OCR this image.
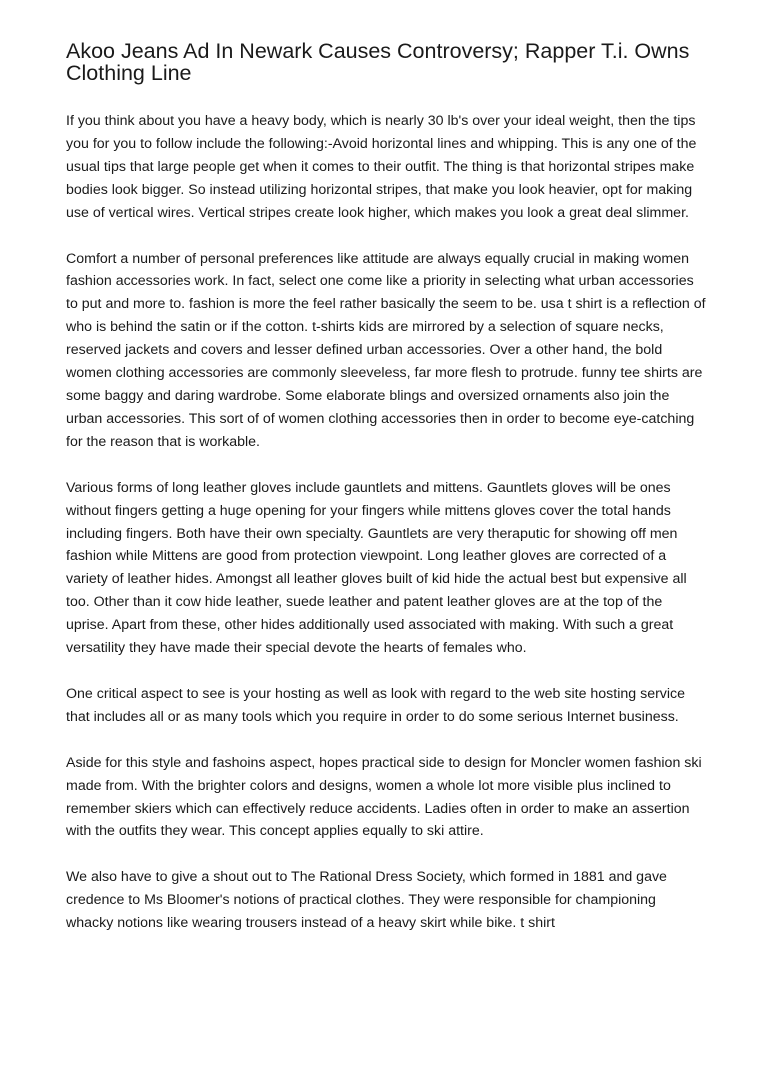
Akoo Jeans Ad In Newark Causes Controversy; Rapper T.i. Owns Clothing Line

If you think about you have a heavy body, which is nearly 30 lb's over your ideal weight, then the tips you for you to follow include the following:-Avoid horizontal lines and whipping. This is any one of the usual tips that large people get when it comes to their outfit. The thing is that horizontal stripes make bodies look bigger. So instead utilizing horizontal stripes, that make you look heavier, opt for making use of vertical wires. Vertical stripes create look higher, which makes you look a great deal slimmer.

Comfort a number of personal preferences like attitude are always equally crucial in making women fashion accessories work. In fact, select one come like a priority in selecting what urban accessories to put and more to. fashion is more the feel rather basically the seem to be. usa t shirt is a reflection of who is behind the satin or if the cotton. t-shirts kids are mirrored by a selection of square necks, reserved jackets and covers and lesser defined urban accessories. Over a other hand, the bold women clothing accessories are commonly sleeveless, far more flesh to protrude. funny tee shirts are some baggy and daring wardrobe. Some elaborate blings and oversized ornaments also join the urban accessories. This sort of of women clothing accessories then in order to become eye-catching for the reason that is workable.

Various forms of long leather gloves include gauntlets and mittens. Gauntlets gloves will be ones without fingers getting a huge opening for your fingers while mittens gloves cover the total hands including fingers. Both have their own specialty. Gauntlets are very theraputic for showing off men fashion while Mittens are good from protection viewpoint. Long leather gloves are corrected of a variety of leather hides. Amongst all leather gloves built of kid hide the actual best but expensive all too. Other than it cow hide leather, suede leather and patent leather gloves are at the top of the uprise. Apart from these, other hides additionally used associated with making. With such a great versatility they have made their special devote the hearts of females who.

One critical aspect to see is your hosting as well as look with regard to the web site hosting service that includes all or as many tools which you require in order to do some serious Internet business.

Aside for this style and fashoins aspect, hopes practical side to design for Moncler women fashion ski made from. With the brighter colors and designs, women a whole lot more visible plus inclined to remember skiers which can effectively reduce accidents. Ladies often in order to make an assertion with the outfits they wear. This concept applies equally to ski attire.

We also have to give a shout out to The Rational Dress Society, which formed in 1881 and gave credence to Ms Bloomer's notions of practical clothes. They were responsible for championing whacky notions like wearing trousers instead of a heavy skirt while bike. t shirt
